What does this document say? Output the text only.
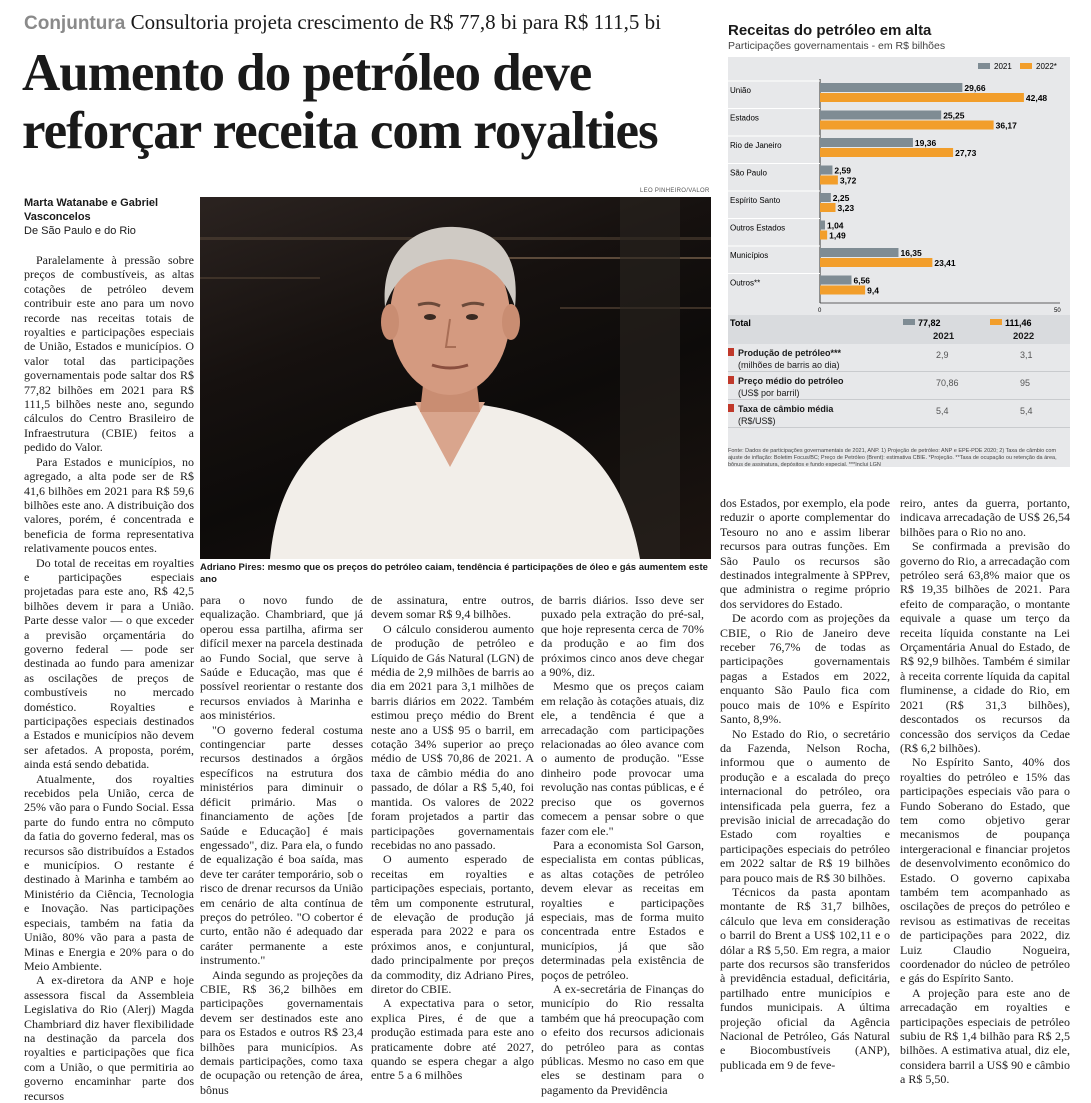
Conjuntura Consultoria projeta crescimento de R$ 77,8 bi para R$ 111,5 bi
Aumento do petróleo deve reforçar receita com royalties
Marta Watanabe e Gabriel Vasconcelos
De São Paulo e do Rio
LEO PINHEIRO/VALOR
Adriano Pires: mesmo que os preços do petróleo caiam, tendência é participações de óleo e gás aumentem este ano

Paralelamente à pressão sobre preços de combustíveis, as altas cotações de petróleo devem contribuir este ano para um novo recorde nas receitas totais de royalties e participações especiais de União, Estados e municípios. O valor total das participações governamentais pode saltar dos R$ 77,82 bilhões em 2021 para R$ 111,5 bilhões neste ano, segundo cálculos do Centro Brasileiro de Infraestrutura (CBIE) feitos a pedido do Valor.

Para Estados e municípios, no agregado, a alta pode ser de R$ 41,6 bilhões em 2021 para R$ 59,6 bilhões este ano. A distribuição dos valores, porém, é concentrada e beneficia de forma representativa relativamente poucos entes.

Do total de receitas em royalties e participações especiais projetadas para este ano, R$ 42,5 bilhões devem ir para a União. Parte desse valor — o que exceder a previsão orçamentária do governo federal — pode ser destinada ao fundo para amenizar as oscilações de preços de combustíveis no mercado doméstico. Royalties e participações especiais destinados a Estados e municípios não devem ser afetados. A proposta, porém, ainda está sendo debatida.

Atualmente, dos royalties recebidos pela União, cerca de 25% vão para o Fundo Social. Essa parte do fundo entra no cômputo da fatia do governo federal, mas os recursos são distribuídos a Estados e municípios. O restante é destinado à Marinha e também ao Ministério da Ciência, Tecnologia e Inovação. Nas participações especiais, também na fatia da União, 80% vão para a pasta de Minas e Energia e 20% para o do Meio Ambiente.

A ex-diretora da ANP e hoje assessora fiscal da Assembleia Legislativa do Rio (Alerj) Magda Chambriard diz haver flexibilidade na destinação da parcela dos royalties e participações que fica com a União, o que permitiria ao governo encaminhar parte dos recursos

para o novo fundo de equalização. Chambriard, que já operou essa partilha, afirma ser difícil mexer na parcela destinada ao Fundo Social, que serve à Saúde e Educação, mas que é possível reorientar o restante dos recursos enviados à Marinha e aos ministérios.

"O governo federal costuma contingenciar parte desses recursos destinados a órgãos específicos na estrutura dos ministérios para diminuir o déficit primário. Mas o financiamento de ações [de Saúde e Educação] é mais engessado", diz. Para ela, o fundo de equalização é boa saída, mas deve ter caráter temporário, sob o risco de drenar recursos da União em cenário de alta contínua de preços do petróleo. "O cobertor é curto, então não é adequado dar caráter permanente a este instrumento."

Ainda segundo as projeções da CBIE, R$ 36,2 bilhões em participações governamentais devem ser destinados este ano para os Estados e outros R$ 23,4 bilhões para municípios. As demais participações, como taxa de ocupação ou retenção de área, bônus

de assinatura, entre outros, devem somar R$ 9,4 bilhões.

O cálculo considerou aumento de produção de petróleo e Líquido de Gás Natural (LGN) de média de 2,9 milhões de barris ao dia em 2021 para 3,1 milhões de barris diários em 2022. Também estimou preço médio do Brent neste ano a US$ 95 o barril, em cotação 34% superior ao preço médio de US$ 70,86 de 2021. A taxa de câmbio média do ano passado, de dólar a R$ 5,40, foi mantida. Os valores de 2022 foram projetados a partir das participações governamentais recebidas no ano passado.

O aumento esperado de receitas em royalties e participações especiais, portanto, têm um componente estrutural, de elevação de produção já esperada para 2022 e para os próximos anos, e conjuntural, dado principalmente por preços da commodity, diz Adriano Pires, diretor do CBIE.

A expectativa para o setor, explica Pires, é de que a produção estimada para este ano praticamente dobre até 2027, quando se espera chegar a algo entre 5 a 6 milhões

de barris diários. Isso deve ser puxado pela extração do pré-sal, que hoje representa cerca de 70% da produção e ao fim dos próximos cinco anos deve chegar a 90%, diz.

Mesmo que os preços caiam em relação às cotações atuais, diz ele, a tendência é que a arrecadação com participações relacionadas ao óleo avance com o aumento de produção. "Esse dinheiro pode provocar uma revolução nas contas públicas, e é preciso que os governos comecem a pensar sobre o que fazer com ele."

Para a economista Sol Garson, especialista em contas públicas, as altas cotações de petróleo devem elevar as receitas em royalties e participações especiais, mas de forma muito concentrada entre Estados e municípios, já que são determinadas pela existência de poços de petróleo.

A ex-secretária de Finanças do município do Rio ressalta também que há preocupação com o efeito dos recursos adicionais do petróleo para as contas públicas. Mesmo no caso em que eles se destinam para o pagamento da Previdência

dos Estados, por exemplo, ela pode reduzir o aporte complementar do Tesouro no ano e assim liberar recursos para outras funções. Em São Paulo os recursos são destinados integralmente à SPPrev, que administra o regime próprio dos servidores do Estado.

De acordo com as projeções da CBIE, o Rio de Janeiro deve receber 76,7% de todas as participações governamentais pagas a Estados em 2022, enquanto São Paulo fica com pouco mais de 10% e Espírito Santo, 8,9%.

No Estado do Rio, o secretário da Fazenda, Nelson Rocha, informou que o aumento de produção e a escalada do preço internacional do petróleo, ora intensificada pela guerra, fez a previsão inicial de arrecadação do Estado com royalties e participações especiais do petróleo em 2022 saltar de R$ 19 bilhões para pouco mais de R$ 30 bilhões.

Técnicos da pasta apontam montante de R$ 31,7 bilhões, cálculo que leva em consideração o barril do Brent a US$ 102,11 e o dólar a R$ 5,50. Em regra, a maior parte dos recursos são transferidos à previdência estadual, deficitária, partilhado entre municípios e fundos municipais. A última projeção oficial da Agência Nacional de Petróleo, Gás Natural e Biocombustíveis (ANP), publicada em 9 de feve-

reiro, antes da guerra, portanto, indicava arrecadação de US$ 26,54 bilhões para o Rio no ano.

Se confirmada a previsão do governo do Rio, a arrecadação com petróleo será 63,8% maior que os R$ 19,35 bilhões de 2021. Para efeito de comparação, o montante equivale a quase um terço da receita líquida constante na Lei Orçamentária Anual do Estado, de R$ 92,9 bilhões. Também é similar à receita corrente líquida da capital fluminense, a cidade do Rio, em 2021 (R$ 31,3 bilhões), descontados os recursos da concessão dos serviços da Cedae (R$ 6,2 bilhões).

No Espírito Santo, 40% dos royalties do petróleo e 15% das participações especiais vão para o Fundo Soberano do Estado, que tem como objetivo gerar mecanismos de poupança intergeracional e financiar projetos de desenvolvimento econômico do Estado. O governo capixaba também tem acompanhado as oscilações de preços do petróleo e revisou as estimativas de receitas de participações para 2022, diz Luiz Claudio Nogueira, coordenador do núcleo de petróleo e gás do Espírito Santo.

A projeção para este ano de arrecadação em royalties e participações especiais de petróleo subiu de R$ 1,4 bilhão para R$ 2,5 bilhões. A estimativa atual, diz ele, considera barril a US$ 90 e câmbio a R$ 5,50.

Receitas do petróleo em alta
Participações governamentais - em R$ bilhões
2021	2022*
União	29,66
42,48
Estados	25,25
36,17
Rio de Janeiro	19,36
27,73
São Paulo	2,59
3,72
Espírito Santo	2,25
3,23
Outros Estados	1,04
1,49
Municípios	16,35
23,41
Outros**	6,56
9,4
0	50
Total	77,82	111,46
2021	2022
Produção de petróleo***
(milhões de barris ao dia)
2,9	3,1
Preço médio do petróleo
(US$ por barril)
70,86	95
Taxa de câmbio média
(R$/US$)
5,4	5,4
Fonte: Dados de participações governamentais de 2021, ANP. 1) Projeção de petróleo: ANP e EPE-PDE 2020; 2) Taxa de câmbio com ajuste de inflação: Boletim Focus/BC; Preço de Petróleo (Brent): estimativa CBIE. *Projeção. **Taxa de ocupação ou retenção da área, bônus de assinatura, depósitos e fundo especial. ***Inclui LGN
